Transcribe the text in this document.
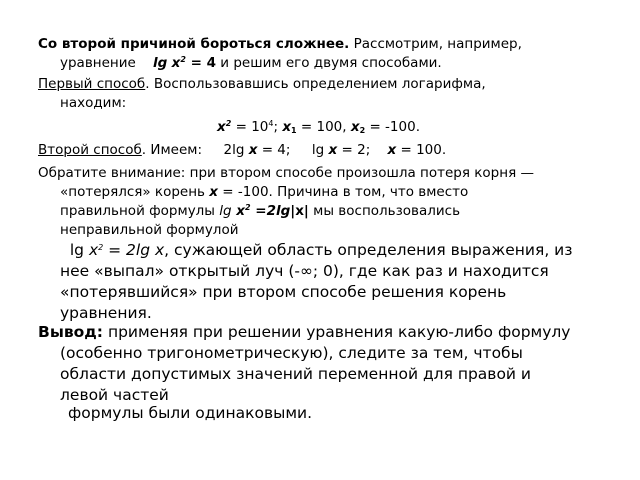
Со второй причиной бороться сложнее. Рассмотрим, например,
уравнение $\lg x^2 = 4$ и решим его двумя способами.

Первый способ. Воспользовавшись определением логарифма,
находим:

$x^2 = 10^4$; $x_1 = 100$, $x_2 = -100$.

Второй способ. Имеем: 2lg x = 4; lg x = 2; x = 100.

Обратите внимание: при втором способе произошла потеря корня —
«потерялся» корень x = -100. Причина в том, что вместо
правильной формулы $\lg x^2 =2\lg|x|$ мы воспользовались
неправильной формулой

$\lg x^2 = 2\lg$ x, сужающей область определения выражения, из
нее «выпал» открытый луч (-∞; 0), где как раз и находится
«потерявшийся» при втором способе решения корень
уравнения.

Вывод: применяя при решении уравнения какую-либо формулу
(особенно тригонометрическую), следите за тем, чтобы
области допустимых значений переменной для правой и
левой частей

формулы были одинаковыми.
